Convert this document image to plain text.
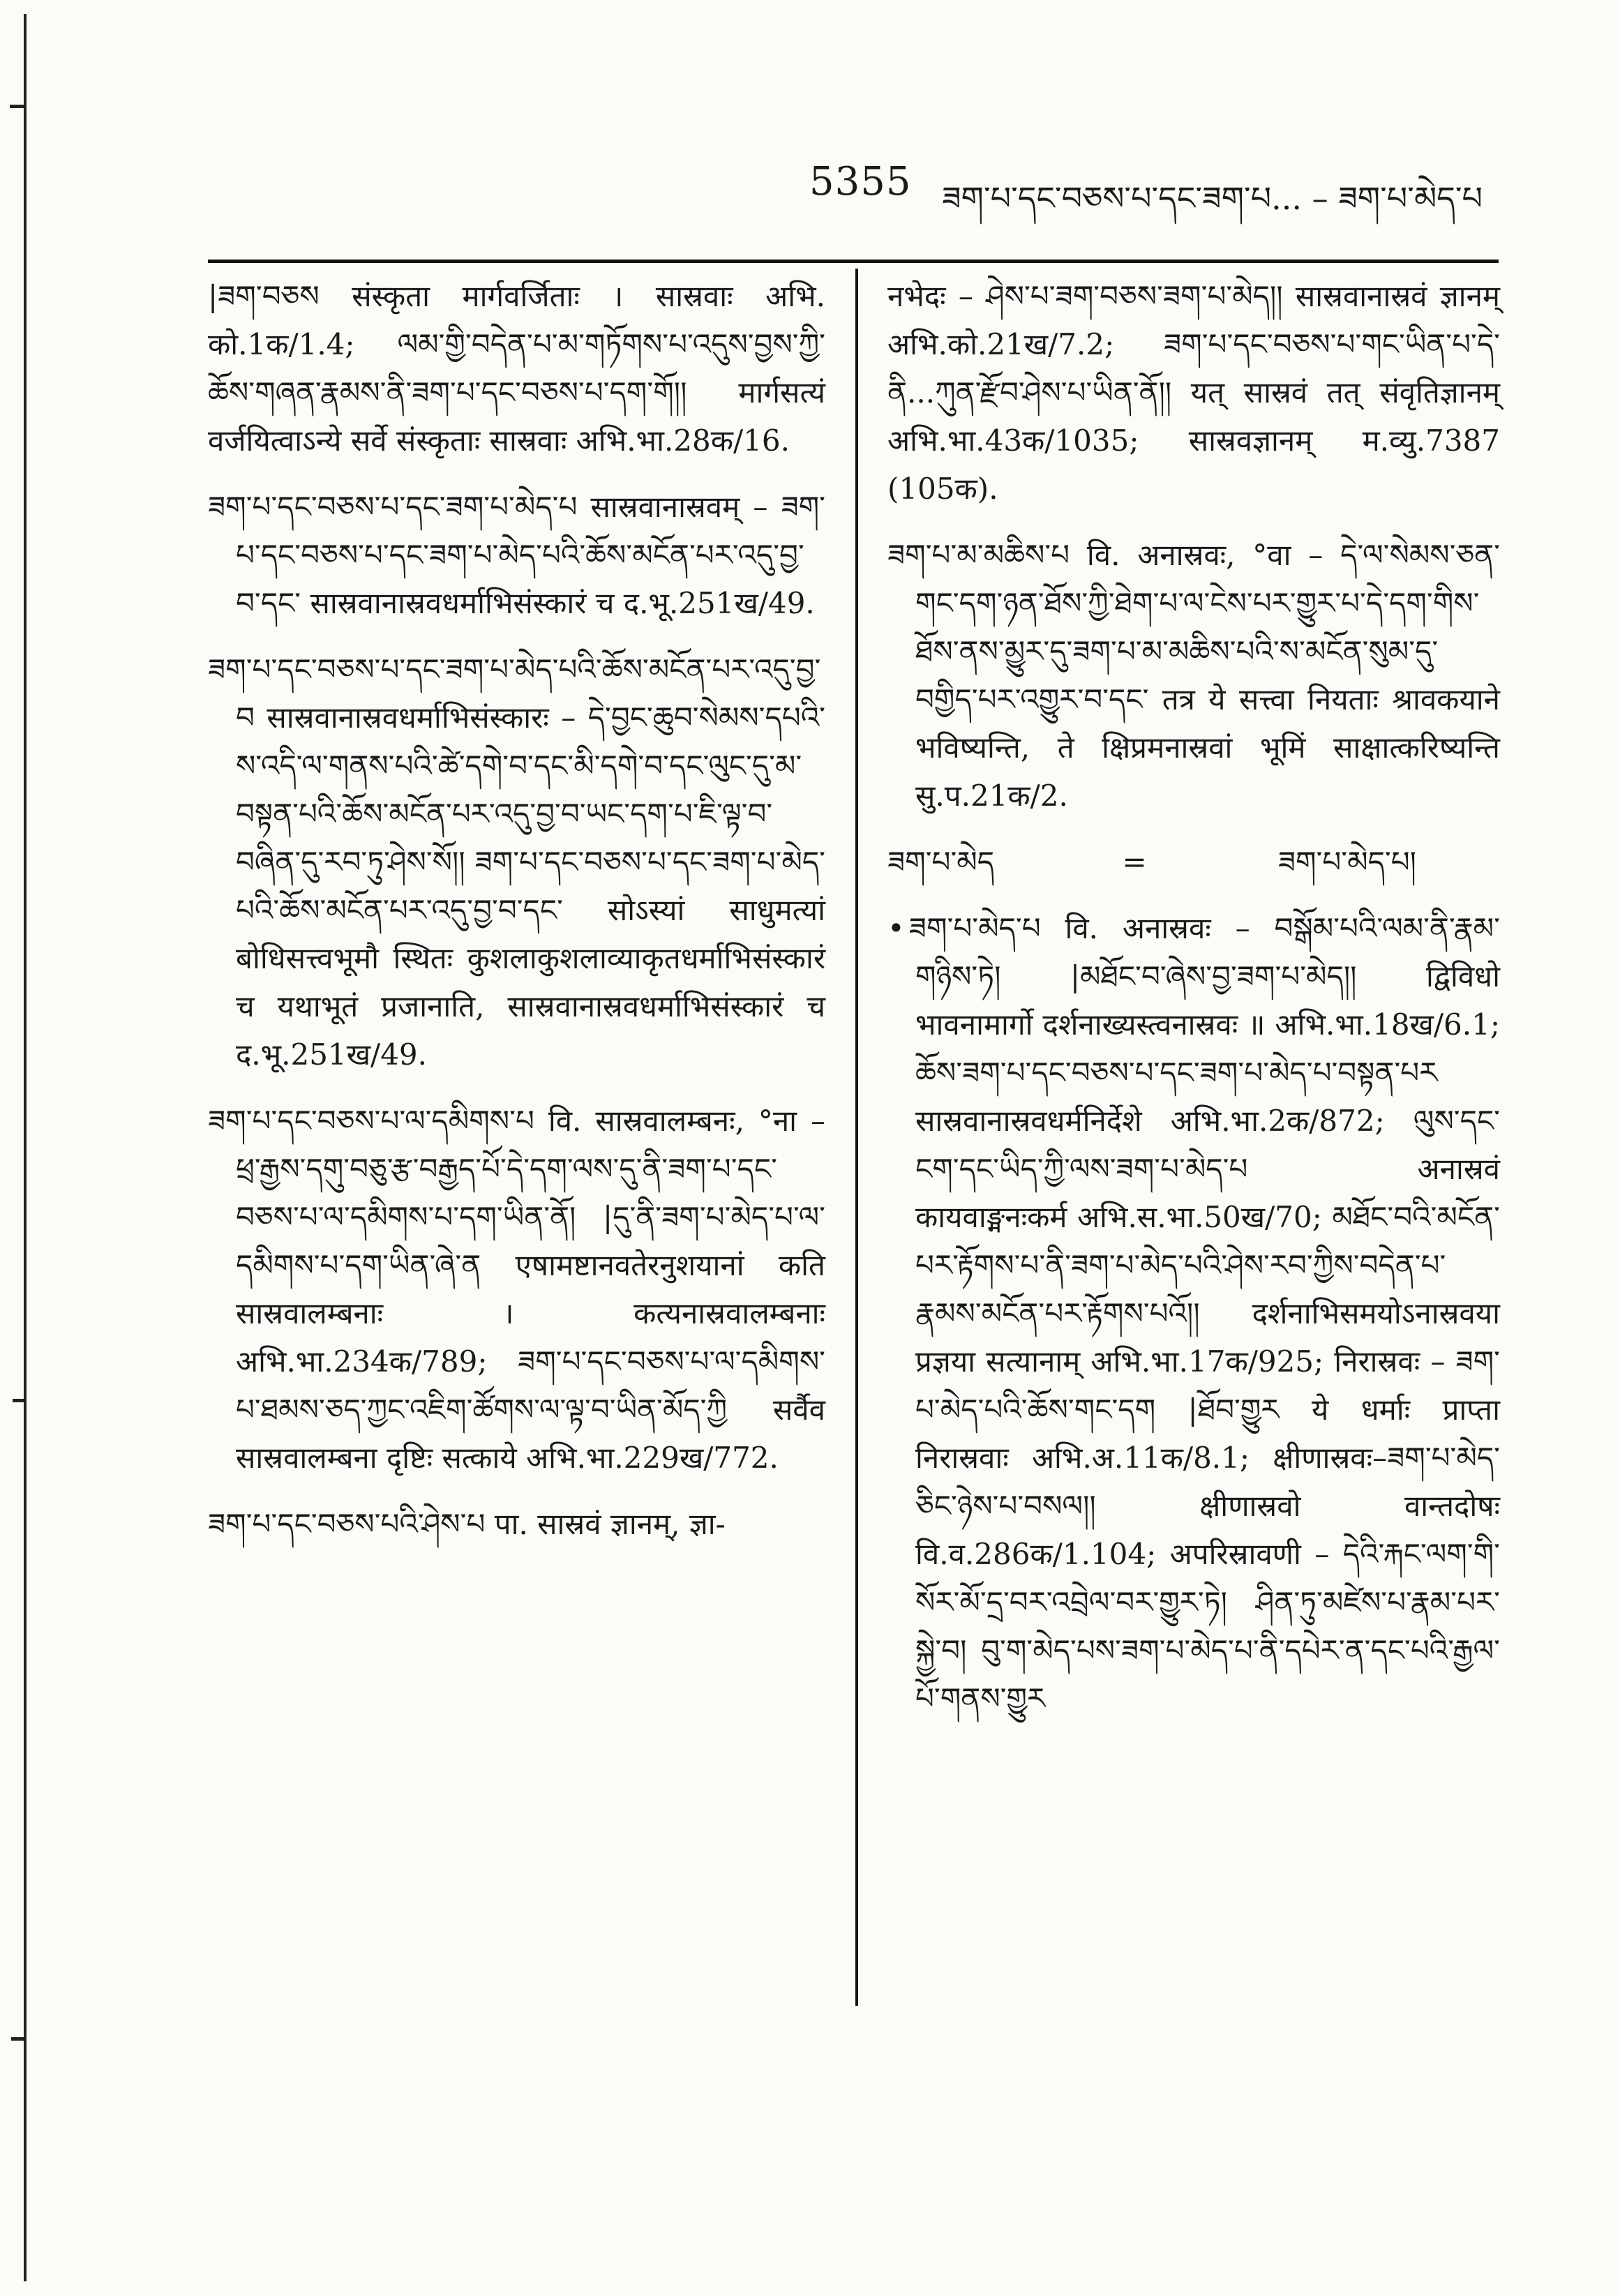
5355 ཟག་པ་དང་བཅས་པ་དང་ཟག་པ... – ཟག་པ་མེད་པ

|ཟག་བཅས संस्कृता मार्गवर्जिताः । सास्रवाः अभि. को.1क/1.4; ལམ་གྱི་བདེན་པ་མ་གཏོགས་པ་འདུས་བྱས་ཀྱི་ཆོས་གཞན་རྣམས་ནི་ཟག་པ་དང་བཅས་པ་དག་གོ།། मार्गसत्यं वर्जयित्वाऽन्ये सर्वे संस्कृताः सास्रवाः अभि.भा.28क/16.

ཟག་པ་དང་བཅས་པ་དང་ཟག་པ་མེད་པ सास्रवानास्रवम् – ཟག་པ་དང་བཅས་པ་དང་ཟག་པ་མེད་པའི་ཆོས་མངོན་པར་འདུ་བྱ་བ་དང་ सास्रवानास्रवधर्माभिसंस्कारं च द.भू.251ख/49.

ཟག་པ་དང་བཅས་པ་དང་ཟག་པ་མེད་པའི་ཆོས་མངོན་པར་འདུ་བྱ་བ सास्रवानास्रवधर्माभिसंस्कारः – དེ་བྱང་ཆུབ་སེམས་དཔའི་ས་འདི་ལ་གནས་པའི་ཚེ་དགེ་བ་དང་མི་དགེ་བ་དང་ལུང་དུ་མ་བསྟན་པའི་ཆོས་མངོན་པར་འདུ་བྱ་བ་ཡང་དག་པ་ཇི་ལྟ་བ་བཞིན་དུ་རབ་ཏུ་ཤེས་སོ།། ཟག་པ་དང་བཅས་པ་དང་ཟག་པ་མེད་པའི་ཆོས་མངོན་པར་འདུ་བྱ་བ་དང་ सोऽस्यां साधुमत्यां बोधिसत्त्वभूमौ स्थितः कुशलाकुशलाव्याकृतधर्माभिसंस्कारं च यथाभूतं प्रजानाति, सास्रवानास्रवधर्माभिसंस्कारं च द.भू.251ख/49.

ཟག་པ་དང་བཅས་པ་ལ་དམིགས་པ वि. सास्रवालम्बनः, °ना – ཕྲ་རྒྱས་དགུ་བཅུ་རྩ་བརྒྱད་པོ་དེ་དག་ལས་དུ་ནི་ཟག་པ་དང་བཅས་པ་ལ་དམིགས་པ་དག་ཡིན་ནོ། |དུ་ནི་ཟག་པ་མེད་པ་ལ་དམིགས་པ་དག་ཡིན་ཞེ་ན एषामष्टानवतेरनुशयानां कति सास्रवालम्बनाः । कत्यनास्रवालम्बनाः अभि.भा.234क/789; ཟག་པ་དང་བཅས་པ་ལ་དམིགས་པ་ཐམས་ཅད་ཀྱང་འཇིག་ཚོགས་ལ་ལྟ་བ་ཡིན་མོད་ཀྱི सर्वैव सास्रवालम्बना दृष्टिः सत्काये अभि.भा.229ख/772.

ཟག་པ་དང་བཅས་པའི་ཤེས་པ पा. सास्रवं ज्ञानम्, ज्ञा-

नभेदः – ཤེས་པ་ཟག་བཅས་ཟག་པ་མེད།། सास्रवानास्रवं ज्ञानम् अभि.को.21ख/7.2; ཟག་པ་དང་བཅས་པ་གང་ཡིན་པ་དེ་ནི...ཀུན་རྫོབ་ཤེས་པ་ཡིན་ནོ།། यत् सास्रवं तत् संवृतिज्ञानम् अभि.भा.43क/1035; सास्रवज्ञानम् म.व्यु.7387 (105क).

ཟག་པ་མ་མཆིས་པ वि. अनास्रवः, °वा – དེ་ལ་སེམས་ཅན་གང་དག་ཉན་ཐོས་ཀྱི་ཐེག་པ་ལ་ངེས་པར་གྱུར་པ་དེ་དག་གིས་ཐོས་ནས་མྱུར་དུ་ཟག་པ་མ་མཆིས་པའི་ས་མངོན་སུམ་དུ་བགྱིད་པར་འགྱུར་བ་དང་ तत्र ये सत्त्वा नियताः श्रावकयाने भविष्यन्ति, ते क्षिप्रमनास्रवां भूमिं साक्षात्करिष्यन्ति सु.प.21क/2.

ཟག་པ་མེད	=	ཟག་པ་མེད་པ།

• ཟག་པ་མེད་པ वि. अनास्रवः – བསྒོམ་པའི་ལམ་ནི་རྣམ་གཉིས་ཏེ། |མཐོང་བ་ཞེས་བྱ་ཟག་པ་མེད།། द्विविधो भावनामार्गो दर्शनाख्यस्त्वनास्रवः ॥ अभि.भा.18ख/6.1; ཆོས་ཟག་པ་དང་བཅས་པ་དང་ཟག་པ་མེད་པ་བསྟན་པར सास्रवानास्रवधर्मनिर्देशे अभि.भा.2क/872; ལུས་དང་ངག་དང་ཡིད་ཀྱི་ལས་ཟག་པ་མེད་པ अनास्रवं कायवाङ्मनःकर्म अभि.स.भा.50ख/70; མཐོང་བའི་མངོན་པར་རྟོགས་པ་ནི་ཟག་པ་མེད་པའི་ཤེས་རབ་ཀྱིས་བདེན་པ་རྣམས་མངོན་པར་རྟོགས་པའོ།། दर्शनाभिसमयोऽनास्रवया प्रज्ञया सत्यानाम् अभि.भा.17क/925; निरास्रवः – ཟག་པ་མེད་པའི་ཆོས་གང་དག |ཐོབ་གྱུར ये धर्माः प्राप्ता निरास्रवाः अभि.अ.11क/8.1; क्षीणास्रवः–ཟག་པ་མེད་ཅིང་ཉེས་པ་བསལ།། क्षीणास्रवो वान्तदोषः वि.व.286क/1.104; अपरिस्रावणी – དེའི་རྐང་ལག་གི་སོར་མོ་དྲ་བར་འབྲེལ་བར་གྱུར་ཏེ། ཤིན་ཏུ་མཛེས་པ་རྣམ་པར་སྐྱེ་བ། བུ་ག་མེད་པས་ཟག་པ་མེད་པ་ནི་དཔེར་ན་དང་པའི་རྒྱལ་པོ་གནས་གྱུར
